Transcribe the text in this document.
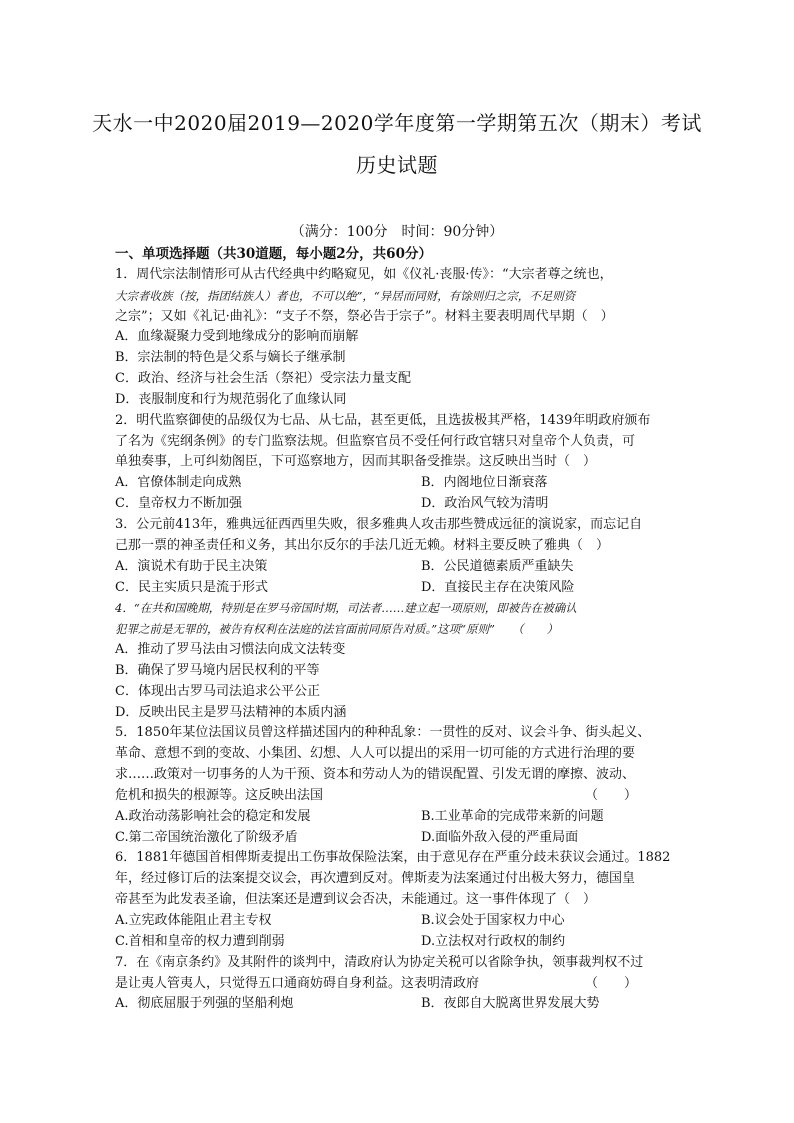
天水一中2020届2019—2020学年度第一学期第五次（期末）考试
历史试题
（满分：100分　时间：90分钟）
一、单项选择题（共30道题，每小题2分，共60分）
1．周代宗法制情形可从古代经典中约略窥见，如《仪礼·丧服·传》：“大宗者尊之统也，
大宗者收族（按，指团结族人）者也，不可以绝”，“异居而同财，有馀则归之宗，不足则资
之宗”；又如《礼记·曲礼》：“支子不祭，祭必告于宗子”。材料主要表明周代早期（　）
A．血缘凝聚力受到地缘成分的影响而崩解
B．宗法制的特色是父系与嫡长子继承制
C．政治、经济与社会生活（祭祀）受宗法力量支配
D．丧服制度和行为规范弱化了血缘认同
2．明代监察御使的品级仅为七品、从七品，甚至更低，且选拔极其严格，1439年明政府颁布
了名为《宪纲条例》的专门监察法规。但监察官员不受任何行政官辖只对皇帝个人负责，可
单独奏事，上可纠劾阁臣，下可巡察地方，因而其职备受推崇。这反映出当时（　）
A．官僚体制走向成熟	B．内阁地位日渐衰落
C．皇帝权力不断加强	D．政治风气较为清明
3．公元前413年，雅典远征西西里失败，很多雅典人攻击那些赞成远征的演说家，而忘记自
己那一票的神圣责任和义务，其出尔反尔的手法几近无赖。材料主要反映了雅典（　）
A．演说术有助于民主决策	B．公民道德素质严重缺失
C．民主实质只是流于形式	D．直接民主存在决策风险
4．“在共和国晚期，特别是在罗马帝国时期，司法者……建立起一项原则，即被告在被确认
犯罪之前是无罪的，被告有权利在法庭的法官面前同原告对质。”这项“原则”　　（　　）
A．推动了罗马法由习惯法向成文法转变
B．确保了罗马境内居民权利的平等
C．体现出古罗马司法追求公平公正
D．反映出民主是罗马法精神的本质内涵
5．1850年某位法国议员曾这样描述国内的种种乱象：一贯性的反对、议会斗争、街头起义、
革命、意想不到的变故、小集团、幻想、人人可以提出的采用一切可能的方式进行治理的要
求……政策对一切事务的人为干预、资本和劳动人为的错误配置、引发无谓的摩擦、波动、
危机和损失的根源等。这反映出法国	（　　）
A.政治动荡影响社会的稳定和发展	B.工业革命的完成带来新的问题
C.第二帝国统治激化了阶级矛盾	D.面临外敌入侵的严重局面
6．1881年德国首相俾斯麦提出工伤事故保险法案，由于意见存在严重分歧未获议会通过。1882
年，经过修订后的法案提交议会，再次遭到反对。俾斯麦为法案通过付出极大努力，德国皇
帝甚至为此发表圣谕，但法案还是遭到议会否决，未能通过。这一事件体现了（　）
A.立宪政体能阻止君主专权	B.议会处于国家权力中心
C.首相和皇帝的权力遭到削弱	D.立法权对行政权的制约
7．在《南京条约》及其附件的谈判中，清政府认为协定关税可以省除争执，领事裁判权不过
是让夷人管夷人，只觉得五口通商妨碍自身利益。这表明清政府	（　　）
A．彻底屈服于列强的坚船利炮	B．夜郎自大脱离世界发展大势
